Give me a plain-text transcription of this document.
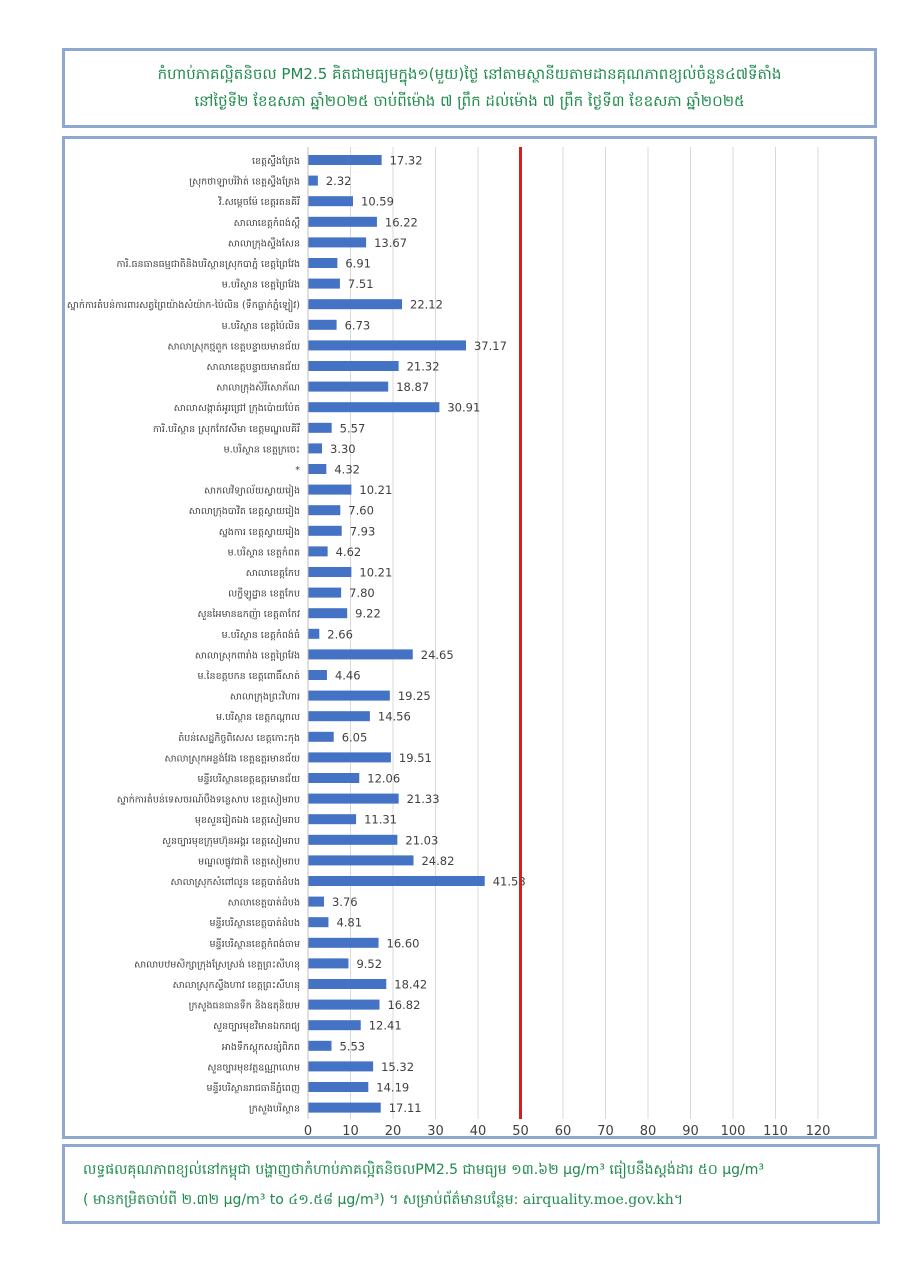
កំហាប់ភាគល្អិតនិចល PM2.5 គិតជាមធ្យមក្នុង១(មួយ)ថ្ងៃ នៅតាមស្ថានីយតាមដានគុណភាពខ្យល់ចំនួន៤៧ទីតាំង
នៅថ្ងៃទី២ ខែឧសភា ឆ្នាំ២០២៥ ចាប់ពីម៉ោង ៧ ព្រឹក ដល់ម៉ោង ៧ ព្រឹក ថ្ងៃទី៣ ខែឧសភា ឆ្នាំ២០២៥
ខេត្តស្ទឹងត្រែង	17.32
ស្រុកថាឡាបរិវ៉ាត់ ខេត្តស្ទឹងត្រែង 2.32
វិ.សម្តេចម៉ែ ខេត្តរតនគិរី	10.59
សាលាខេត្តកំពង់ស្ពឺ	16.22
សាលាក្រុងស្ទឹងសែន	13.67
ការិ.ធនធានធម្មជាតិនិងបរិស្ថានស្រុកបាភ្នំ ខេត្តព្រៃវែង	6.91
ម.បរិស្ថាន ខេត្តព្រៃវែង	7.51
ស្នាក់ការតំបន់ការពារសត្វព្រៃយ៉ាងសំយ៉ាក-ប៉ៃលិន (ទឹកធ្លាក់ភ្នំឡៀវ)	22.12
ម.បរិស្ថាន ខេត្តប៉ៃលិន	6.73
សាលាស្រុកថ្មពួក ខេត្តបន្ទាយមានជ័យ	37.17
សាលាខេត្តបន្ទាយមានជ័យ	21.32
សាលាក្រុងសិរីសោភ័ណ	18.87
សាលាសង្កាត់អូរជ្រៅ ក្រុងប៉ោយប៉ែត	30.91
ការិ.បរិស្ថាន ស្រុកកែវសីមា ខេត្តមណ្ឌលគិរី	5.57
ម.បរិស្ថាន ខេត្តក្រចេះ	3.30
*	4.32
សាកលវិទ្យាល័យស្វាយរៀង	10.21
សាលាក្រុងបាវិត ខេត្តស្វាយរៀង	7.60
ស្នងការ ខេត្តស្វាយរៀង	7.93
ម.បរិស្ថាន ខេត្តកំពត	4.62
សាលាខេត្តកែប	10.21
លក្ខីឡូដ្ឋាន ខេត្តកែប	7.80
សួនអៃមានឧកញ៉ា ខេត្តតាកែវ	9.22
ម.បរិស្ថាន ខេត្តកំពង់ធំ 2.66
សាលាស្រុកពារាំង ខេត្តព្រៃវែង	24.65
ម.នៃខត្តបកន ខេត្តពោធិ៍សាត់	4.46
សាលាក្រុងព្រះវិហារ	19.25
ម.បរិស្ថាន ខេត្តកណ្តាល	14.56
តំបន់សេដ្ឋកិច្ចពិសេស ខេត្តកោះកុង	6.05
សាលាស្រុកអន្លង់វែង ខេត្តឧត្តរមានជ័យ	19.51
មន្ទីរបរិស្ថានខេត្តឧត្តរមានជ័យ	12.06
ស្នាក់ការតំបន់ទេសចរណ៍បឹងទន្លេសាប ខេត្តសៀមរាប	21.33
មុខសួនរៀតឯង ខេត្តសៀមរាប	11.31
សួនច្បារមុខក្រុមហ៊ុនអង្គរ ខេត្តសៀមរាប	21.03
មណ្ឌលផ្លូវជាតិ ខេត្តសៀមរាប	24.82
សាលាស្រុកសំពៅលូន ខេត្តបាត់ដំបង	41.58
សាលាខេត្តបាត់ដំបង	3.76
មន្ទីរបរិស្ថានខេត្តបាត់ដំបង	4.81
មន្ទីរបរិស្ថានខេត្តកំពង់ចាម	16.60
សាលាបឋមសិក្សាក្រុងស្រែស្រង់ ខេត្តព្រះសីហនុ	9.52
សាលាស្រុកស្ទឹងហាវ ខេត្តព្រះសីហនុ	18.42
ក្រសួងធនធានទឹក និងឧតុនិយម	16.82
សួនច្បារមុខវិមានឯករាជ្យ	12.41
អាងទឹកស្តុកសន្សំពិភព	5.53
សួនច្បារមុខវត្តឧណ្ណាលោម	15.32
មន្ទីរបរិស្ថានរាជធានីភ្នំពេញ	14.19
ក្រសួងបរិស្ថាន	17.11
0 10 20 30 40 50 60 70 80 90 100 110 120
លទ្ធផលគុណភាពខ្យល់នៅកម្ពុជា បង្ហាញថាកំហាប់ភាគល្អិតនិចលPM2.5 ជាមធ្យម ១៣.៦២ µg/m³ ធៀបនឹងស្តង់ដារ ៥០ µg/m³
( មានកម្រិតចាប់ពី ២.៣២ µg/m³ to ៤១.៥៨ µg/m³) ។ សម្រាប់ព័ត៌មានបន្ថែម: airquality.moe.gov.kh។
